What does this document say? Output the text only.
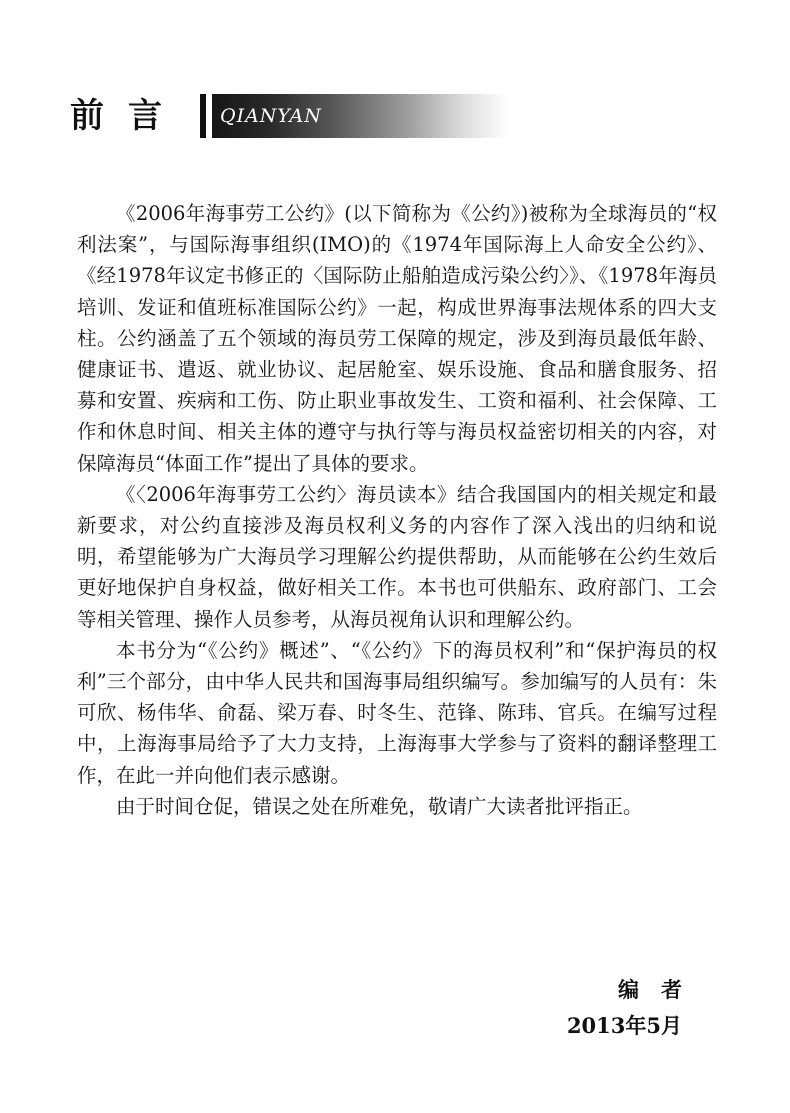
前言 QIANYAN

《2006年海事劳工公约》(以下简称为《公约》)被称为全球海员的“权利法案”，与国际海事组织(IMO)的《1974年国际海上人命安全公约》、《经1978年议定书修正的〈国际防止船舶造成污染公约〉》、《1978年海员培训、发证和值班标准国际公约》一起，构成世界海事法规体系的四大支柱。公约涵盖了五个领域的海员劳工保障的规定，涉及到海员最低年龄、健康证书、遣返、就业协议、起居舱室、娱乐设施、食品和膳食服务、招募和安置、疾病和工伤、防止职业事故发生、工资和福利、社会保障、工作和休息时间、相关主体的遵守与执行等与海员权益密切相关的内容，对保障海员“体面工作”提出了具体的要求。

《〈2006年海事劳工公约〉海员读本》结合我国国内的相关规定和最新要求，对公约直接涉及海员权利义务的内容作了深入浅出的归纳和说明，希望能够为广大海员学习理解公约提供帮助，从而能够在公约生效后更好地保护自身权益，做好相关工作。本书也可供船东、政府部门、工会等相关管理、操作人员参考，从海员视角认识和理解公约。

本书分为“《公约》概述”、“《公约》下的海员权利”和“保护海员的权利”三个部分，由中华人民共和国海事局组织编写。参加编写的人员有：朱可欣、杨伟华、俞磊、梁万春、时冬生、范锋、陈玮、官兵。在编写过程中，上海海事局给予了大力支持，上海海事大学参与了资料的翻译整理工作，在此一并向他们表示感谢。

由于时间仓促，错误之处在所难免，敬请广大读者批评指正。

编者
2013年5月
